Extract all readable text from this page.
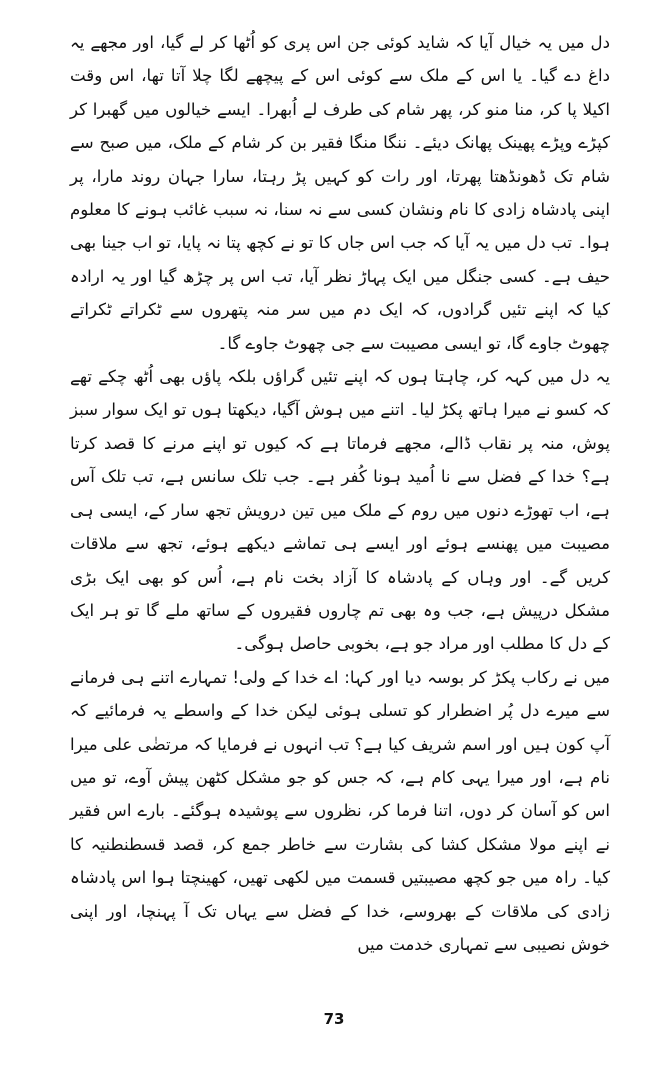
دل میں یہ خیال آیا کہ شاید کوئی جن اس پری کو اُٹھا کر لے گیا، اور مجھے یہ داغ دے گیا۔ یا اس کے ملک سے کوئی اس کے پیچھے لگا چلا آتا تھا، اس وقت اکیلا پا کر، منا منو کر، پھر شام کی طرف لے اُبھرا۔ ایسے خیالوں میں گھبرا کر کپڑے وپڑے پھینک پھانک دیئے۔ ننگا منگا فقیر بن کر شام کے ملک، میں صبح سے شام تک ڈھونڈھتا پھرتا، اور رات کو کہیں پڑ رہتا، سارا جہان روند مارا، پر اپنی پادشاہ زادی کا نام ونشان کسی سے نہ سنا، نہ سبب غائب ہونے کا معلوم ہوا۔ تب دل میں یہ آیا کہ جب اس جاں کا تو نے کچھ پتا نہ پایا، تو اب جینا بھی حیف ہے۔ کسی جنگل میں ایک پہاڑ نظر آیا، تب اس پر چڑھ گیا اور یہ ارادہ کیا کہ اپنے تئیں گرادوں، کہ ایک دم میں سر منہ پتھروں سے ٹکراتے ٹکراتے چھوٹ جاوے گا، تو ایسی مصیبت سے جی چھوٹ جاوے گا۔

یہ دل میں کہہ کر، چاہتا ہوں کہ اپنے تئیں گراؤں بلکہ پاؤں بھی اُٹھ چکے تھے کہ کسو نے میرا ہاتھ پکڑ لیا۔ اتنے میں ہوش آگیا، دیکھتا ہوں تو ایک سوار سبز پوش، منہ پر نقاب ڈالے، مجھے فرماتا ہے کہ کیوں تو اپنے مرنے کا قصد کرتا ہے؟ خدا کے فضل سے نا اُمید ہونا کُفر ہے۔ جب تلک سانس ہے، تب تلک آس ہے، اب تھوڑے دنوں میں روم کے ملک میں تین درویش تجھ سار کے، ایسی ہی مصیبت میں پھنسے ہوئے اور ایسے ہی تماشے دیکھے ہوئے، تجھ سے ملاقات کریں گے۔ اور وہاں کے پادشاہ کا آزاد بخت نام ہے، اُس کو بھی ایک بڑی مشکل درپیش ہے، جب وہ بھی تم چاروں فقیروں کے ساتھ ملے گا تو ہر ایک کے دل کا مطلب اور مراد جو ہے، بخوبی حاصل ہوگی۔

میں نے رکاب پکڑ کر بوسہ دیا اور کہا: اے خدا کے ولی! تمہارے اتنے ہی فرمانے سے میرے دل پُر اضطرار کو تسلی ہوئی لیکن خدا کے واسطے یہ فرمائیے کہ آپ کون ہیں اور اسم شریف کیا ہے؟ تب انہوں نے فرمایا کہ مرتضٰی علی میرا نام ہے، اور میرا یہی کام ہے، کہ جس کو جو مشکل کٹھن پیش آوے، تو میں اس کو آسان کر دوں، اتنا فرما کر، نظروں سے پوشیدہ ہوگئے۔ بارے اس فقیر نے اپنے مولا مشکل کشا کی بشارت سے خاطر جمع کر، قصد قسطنطنیہ کا کیا۔ راہ میں جو کچھ مصیبتیں قسمت میں لکھی تھیں، کھینچتا ہوا اس پادشاہ زادی کی ملاقات کے بھروسے، خدا کے فضل سے یہاں تک آ پہنچا، اور اپنی خوش نصیبی سے تمہاری خدمت میں

73
